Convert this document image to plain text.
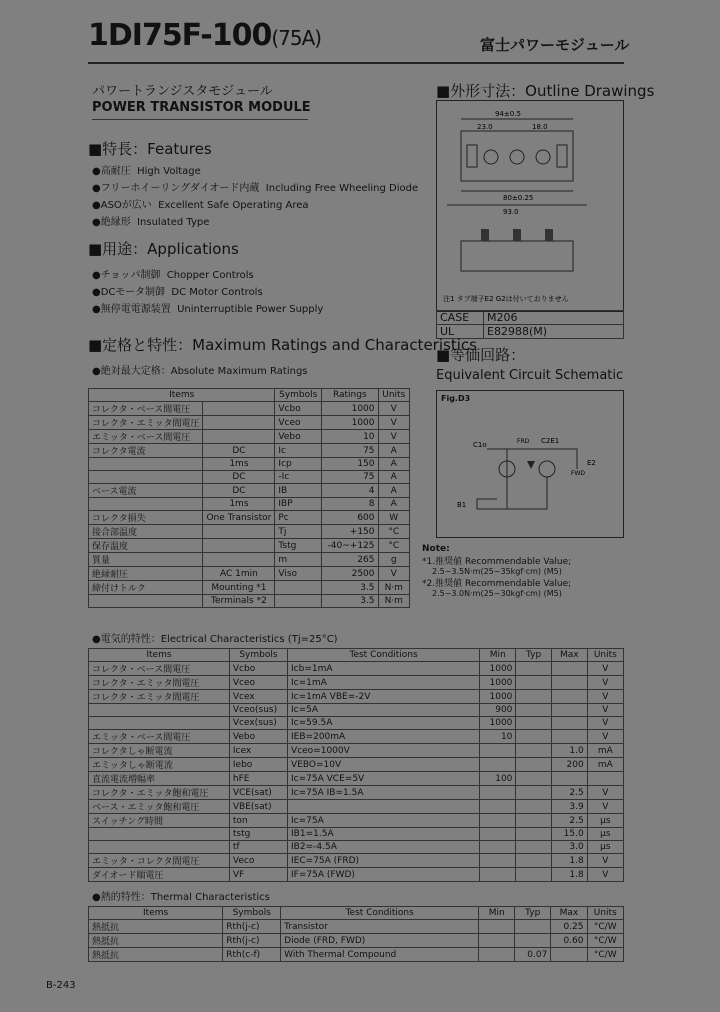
1DI75F-100(75A)	富士パワーモジュール
パワートランジスタモジュール
POWER TRANSISTOR MODULE
■特長：Features
●高耐圧 High Voltage
●フリーホイーリングダイオード内蔵 Including Free Wheeling Diode
●ASOが広い Excellent Safe Operating Area
●絶縁形 Insulated Type
■用途：Applications
●チョッパ制御 Chopper Controls
●DCモータ制御 DC Motor Controls
●無停電電源装置 Uninterruptible Power Supply
■外形寸法：Outline Drawings
94±0.5
23.0	18.0
80±0.25
93.0
注1 タブ端子E2 G2は付いておりません
CASE	M206
UL	E82988(M)
■等価回路：
Equivalent Circuit Schematic
Fig.D3
C1o	C2E1
E2
B1
FRD
FWD
■定格と特性：Maximum Ratings and Characteristics
●絶対最大定格：Absolute Maximum Ratings
Items		Symbols	Ratings	Units
コレクタ・ベース間電圧		Vcbo	1000	V
コレクタ・エミッタ間電圧		Vceo	1000	V
エミッタ・ベース間電圧		Vebo	10	V
コレクタ電流	DC	Ic	75	A
	1ms	Icp	150	A
	DC	-Ic	75	A
ベース電流	DC	IB	4	A
	1ms	IBP	8	A
コレクタ損失	One Transistor	Pc	600	W
接合部温度		Tj	+150	°C
保存温度		Tstg	-40~+125	°C
質量		m	265	g
絶縁耐圧	AC 1min	Viso	2500	V
締付けトルク	Mounting *1		3.5	N·m
	Terminals *2		3.5	N·m
Note:
*1.推奨値 Recommendable Value;
2.5~3.5N·m(25~35kgf·cm) (M5)
*2.推奨値 Recommendable Value;
2.5~3.0N·m(25~30kgf·cm) (M5)
●電気的特性：Electrical Characteristics (Tj=25°C)
Items	Symbols	Test Conditions	Min	Typ	Max	Units
コレクタ・ベース間電圧	Vcbo	Icb=1mA	1000			V
コレクタ・エミッタ間電圧	Vceo	Ic=1mA	1000			V
コレクタ・エミッタ間電圧	Vcex	Ic=1mA VBE=-2V	1000			V
	Vceo(sus)	Ic=5A	900			V
	Vcex(sus)	Ic=59.5A	1000			V
エミッタ・ベース間電圧	Vebo	IEB=200mA	10			V
コレクタしゃ断電流	Icex	Vceo=1000V			1.0	mA
エミッタしゃ断電流	Iebo	VEBO=10V			200	mA
直流電流増幅率	hFE	Ic=75A VCE=5V	100			
コレクタ・エミッタ飽和電圧	VCE(sat)	Ic=75A IB=1.5A			2.5	V
ベース・エミッタ飽和電圧	VBE(sat)				3.9	V
スイッチング時間	ton	Ic=75A			2.5	μs
	tstg	IB1=1.5A			15.0	μs
	tf	IB2=-4.5A			3.0	μs
エミッタ・コレクタ間電圧	Veco	IEC=75A (FRD)			1.8	V
ダイオード順電圧	VF	IF=75A (FWD)			1.8	V
●熱的特性：Thermal Characteristics
Items	Symbols	Test Conditions	Min	Typ	Max	Units
熱抵抗	Rth(j-c)	Transistor			0.25	°C/W
熱抵抗	Rth(j-c)	Diode (FRD, FWD)			0.60	°C/W
熱抵抗	Rth(c-f)	With Thermal Compound		0.07		°C/W
B-243
